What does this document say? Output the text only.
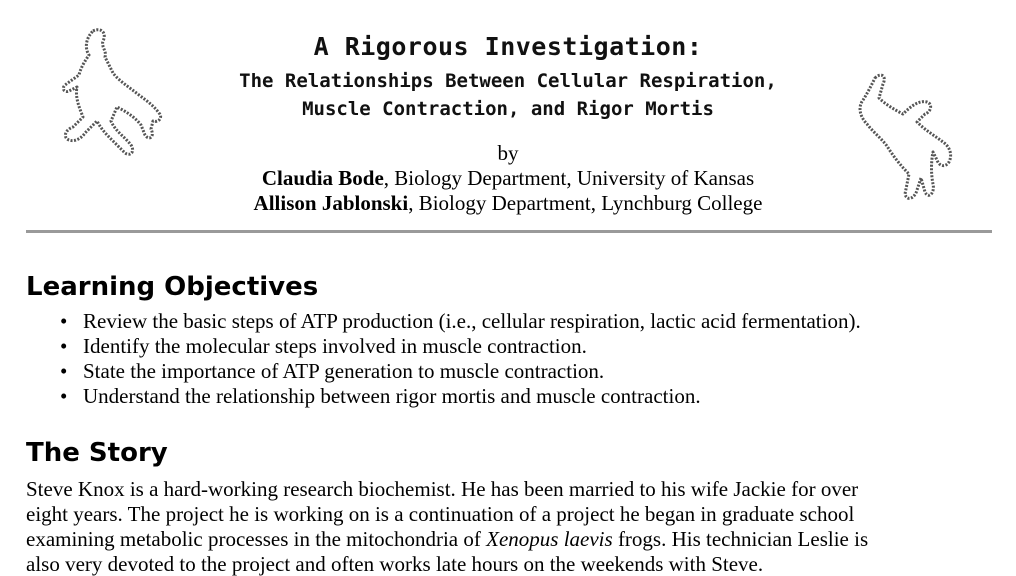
A Rigorous Investigation:
The Relationships Between Cellular Respiration,
Muscle Contraction, and Rigor Mortis
by
Claudia Bode, Biology Department, University of Kansas
Allison Jablonski, Biology Department, Lynchburg College
Learning Objectives
• Review the basic steps of ATP production (i.e., cellular respiration, lactic acid fermentation).
• Identify the molecular steps involved in muscle contraction.
• State the importance of ATP generation to muscle contraction.
• Understand the relationship between rigor mortis and muscle contraction.
The Story
Steve Knox is a hard-working research biochemist. He has been married to his wife Jackie for over
eight years. The project he is working on is a continuation of a project he began in graduate school
examining metabolic processes in the mitochondria of Xenopus laevis frogs. His technician Leslie is
also very devoted to the project and often works late hours on the weekends with Steve.
